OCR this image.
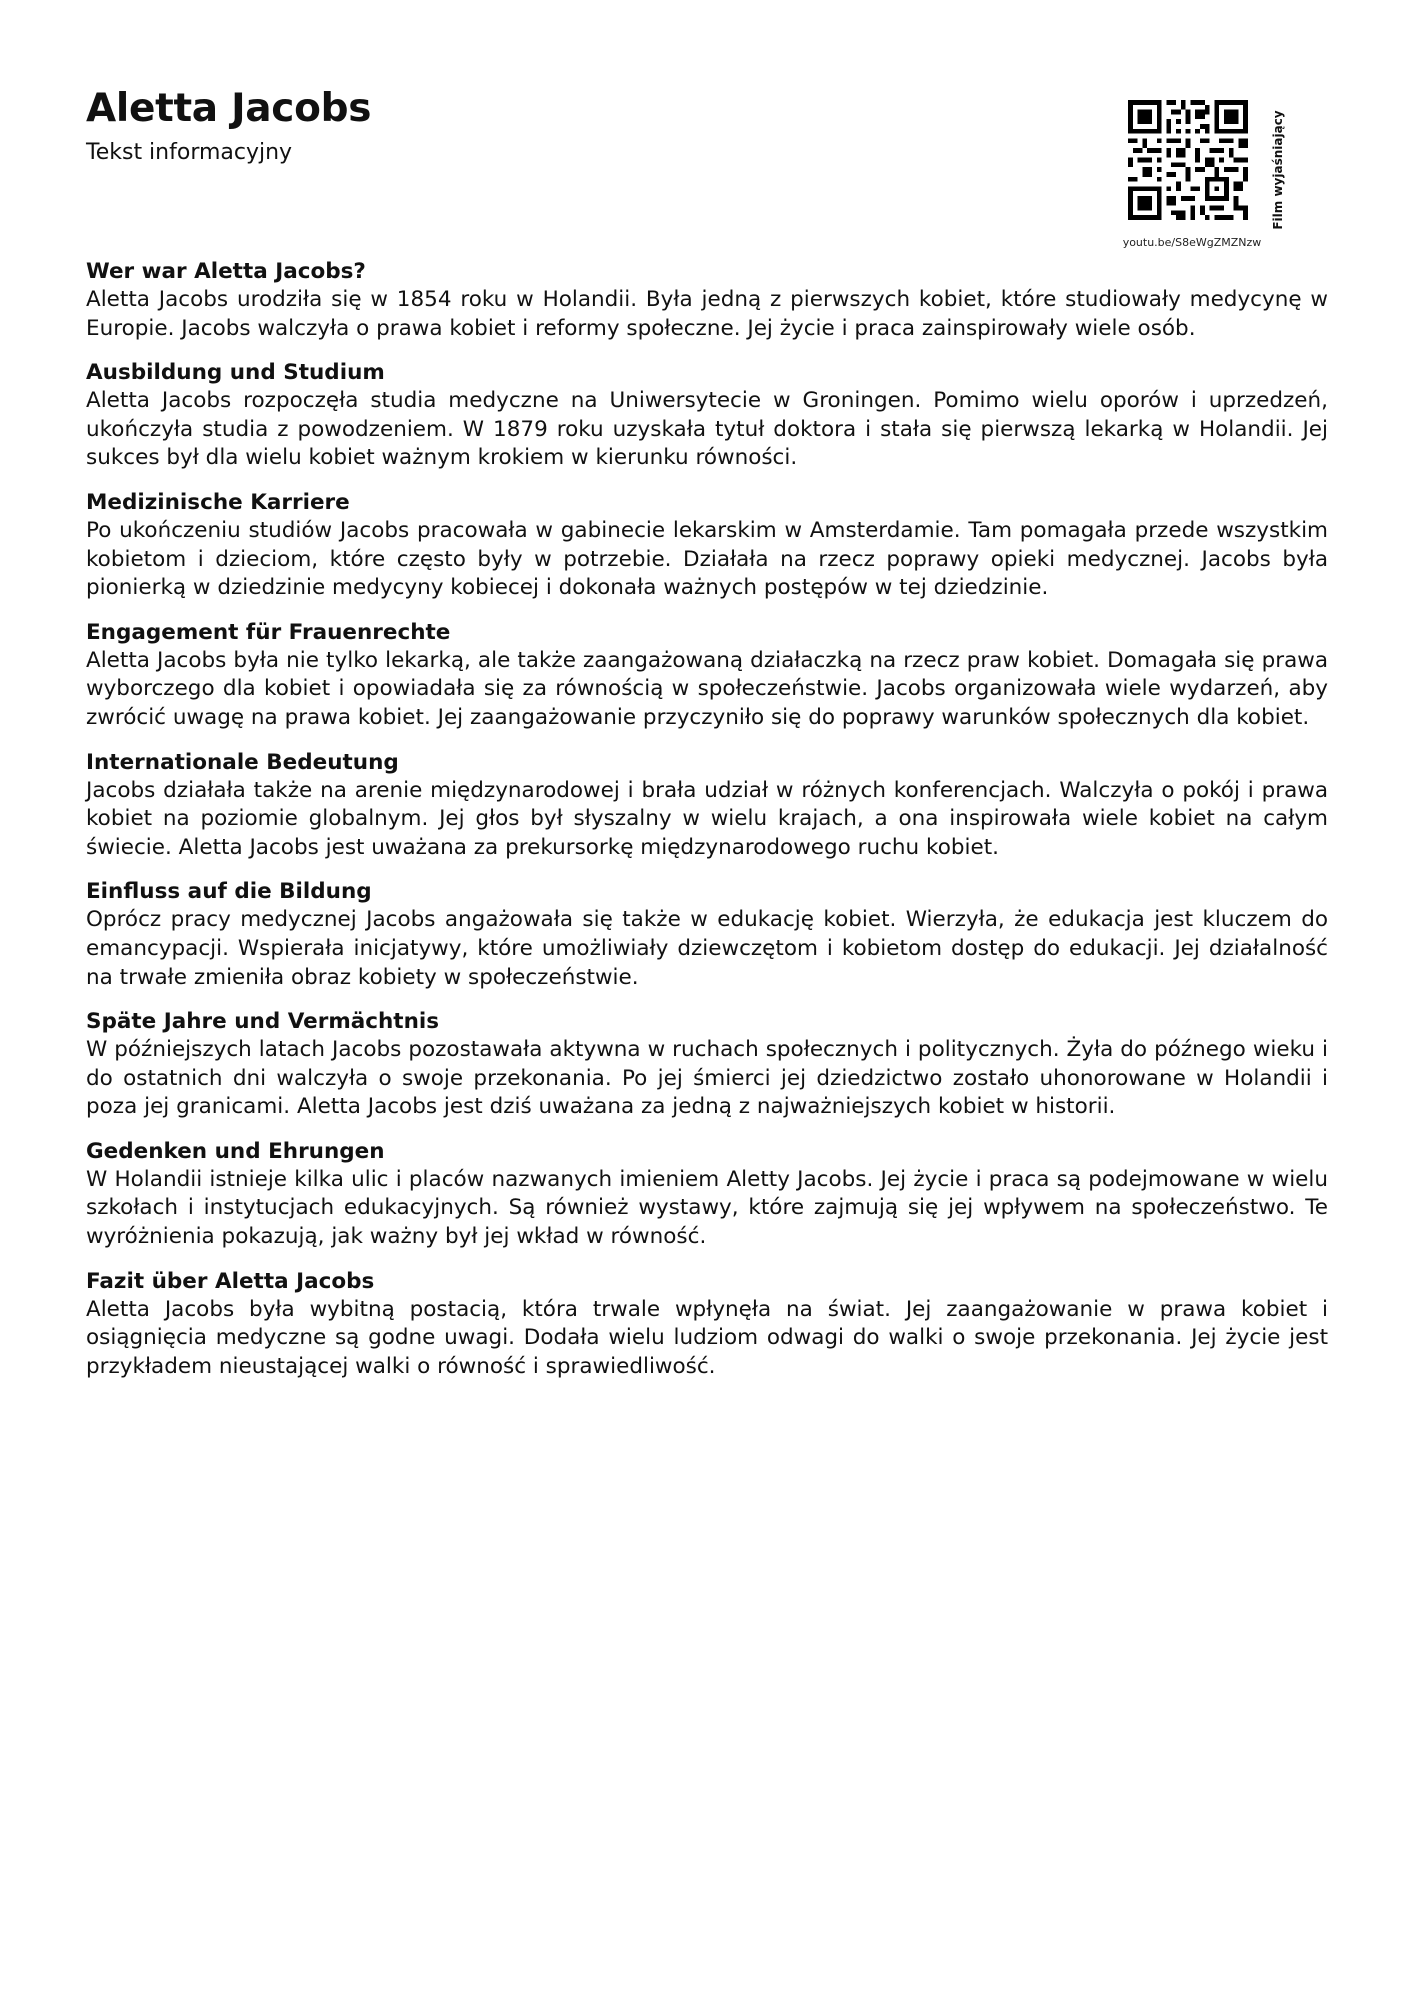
Aletta Jacobs
Tekst informacyjny	Film wyjaśniający
youtu.be/S8eWgZMZNzw
Wer war Aletta Jacobs?

Aletta Jacobs urodziła się w 1854 roku w Holandii. Była jedną z pierwszych kobiet, które studiowały medycynę w Europie. Jacobs walczyła o prawa kobiet i reformy społeczne. Jej życie i praca zainspirowały wiele osób.

Ausbildung und Studium

Aletta Jacobs rozpoczęła studia medyczne na Uniwersytecie w Groningen. Pomimo wielu oporów i uprzedzeń, ukończyła studia z powodzeniem. W 1879 roku uzyskała tytuł doktora i stała się pierwszą lekarką w Holandii. Jej sukces był dla wielu kobiet ważnym krokiem w kierunku równości.

Medizinische Karriere

Po ukończeniu studiów Jacobs pracowała w gabinecie lekarskim w Amsterdamie. Tam pomagała przede wszystkim kobietom i dzieciom, które często były w potrzebie. Działała na rzecz poprawy opieki medycznej. Jacobs była pionierką w dziedzinie medycyny kobiecej i dokonała ważnych postępów w tej dziedzinie.

Engagement für Frauenrechte

Aletta Jacobs była nie tylko lekarką, ale także zaangażowaną działaczką na rzecz praw kobiet. Domagała się prawa wyborczego dla kobiet i opowiadała się za równością w społeczeństwie. Jacobs organizowała wiele wydarzeń, aby zwrócić uwagę na prawa kobiet. Jej zaangażowanie przyczyniło się do poprawy warunków społecznych dla kobiet.

Internationale Bedeutung

Jacobs działała także na arenie międzynarodowej i brała udział w różnych konferencjach. Walczyła o pokój i prawa kobiet na poziomie globalnym. Jej głos był słyszalny w wielu krajach, a ona inspirowała wiele kobiet na całym świecie. Aletta Jacobs jest uważana za prekursorkę międzynarodowego ruchu kobiet.

Einfluss auf die Bildung

Oprócz pracy medycznej Jacobs angażowała się także w edukację kobiet. Wierzyła, że edukacja jest kluczem do emancypacji. Wspierała inicjatywy, które umożliwiały dziewczętom i kobietom dostęp do edukacji. Jej działalność na trwałe zmieniła obraz kobiety w społeczeństwie.

Späte Jahre und Vermächtnis

W późniejszych latach Jacobs pozostawała aktywna w ruchach społecznych i politycznych. Żyła do późnego wieku i do ostatnich dni walczyła o swoje przekonania. Po jej śmierci jej dziedzictwo zostało uhonorowane w Holandii i poza jej granicami. Aletta Jacobs jest dziś uważana za jedną z najważniejszych kobiet w historii.

Gedenken und Ehrungen

W Holandii istnieje kilka ulic i placów nazwanych imieniem Aletty Jacobs. Jej życie i praca są podejmowane w wielu szkołach i instytucjach edukacyjnych. Są również wystawy, które zajmują się jej wpływem na społeczeństwo. Te wyróżnienia pokazują, jak ważny był jej wkład w równość.

Fazit über Aletta Jacobs

Aletta Jacobs była wybitną postacią, która trwale wpłynęła na świat. Jej zaangażowanie w prawa kobiet i osiągnięcia medyczne są godne uwagi. Dodała wielu ludziom odwagi do walki o swoje przekonania. Jej życie jest przykładem nieustającej walki o równość i sprawiedliwość.
